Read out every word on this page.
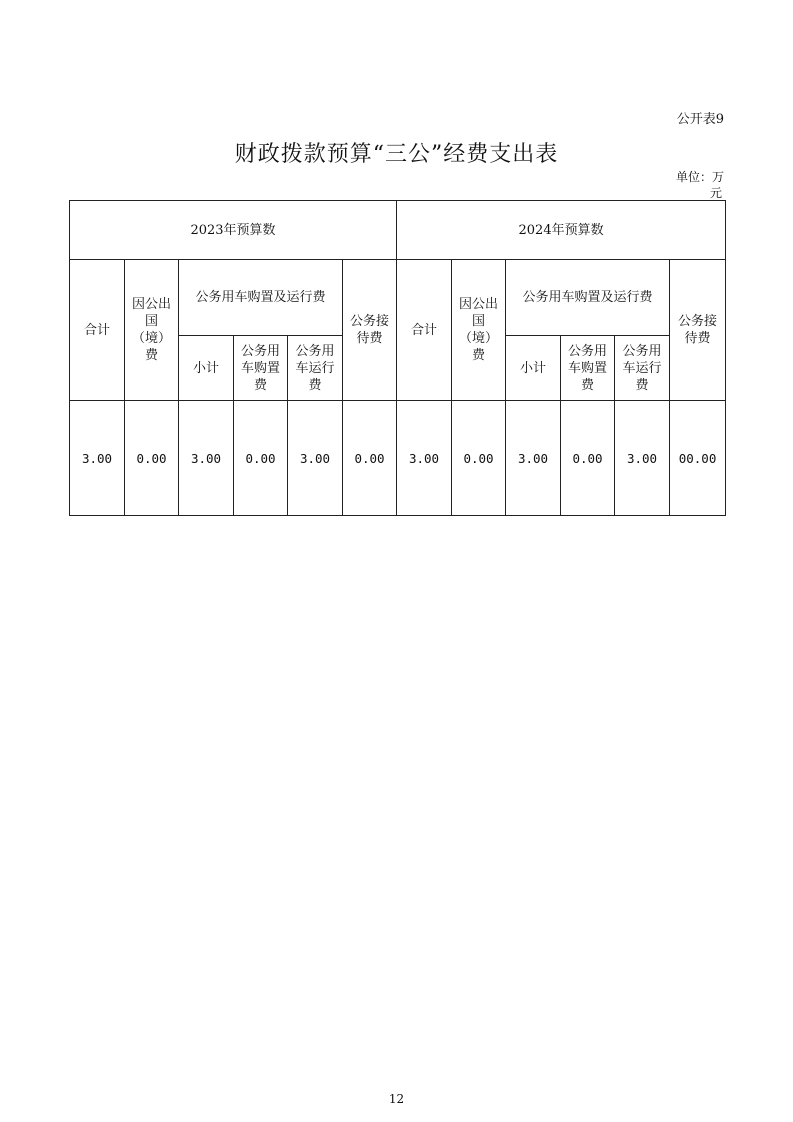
公开表9
财政拨款预算“三公”经费支出表
单位：万
元
2023年预算数						2024年预算数					
合计	因公出国（境）费	公务用车购置及运行费			公务接待费	合计	因公出国（境）费	公务用车购置及运行费			公务接待费
		小计	公务用车购置费	公务用车运行费				小计	公务用车购置费	公务用车运行费	
3.00	0.00	3.00	0.00	3.00	0.00	3.00	0.00	3.00	0.00	3.00	00.00
12
